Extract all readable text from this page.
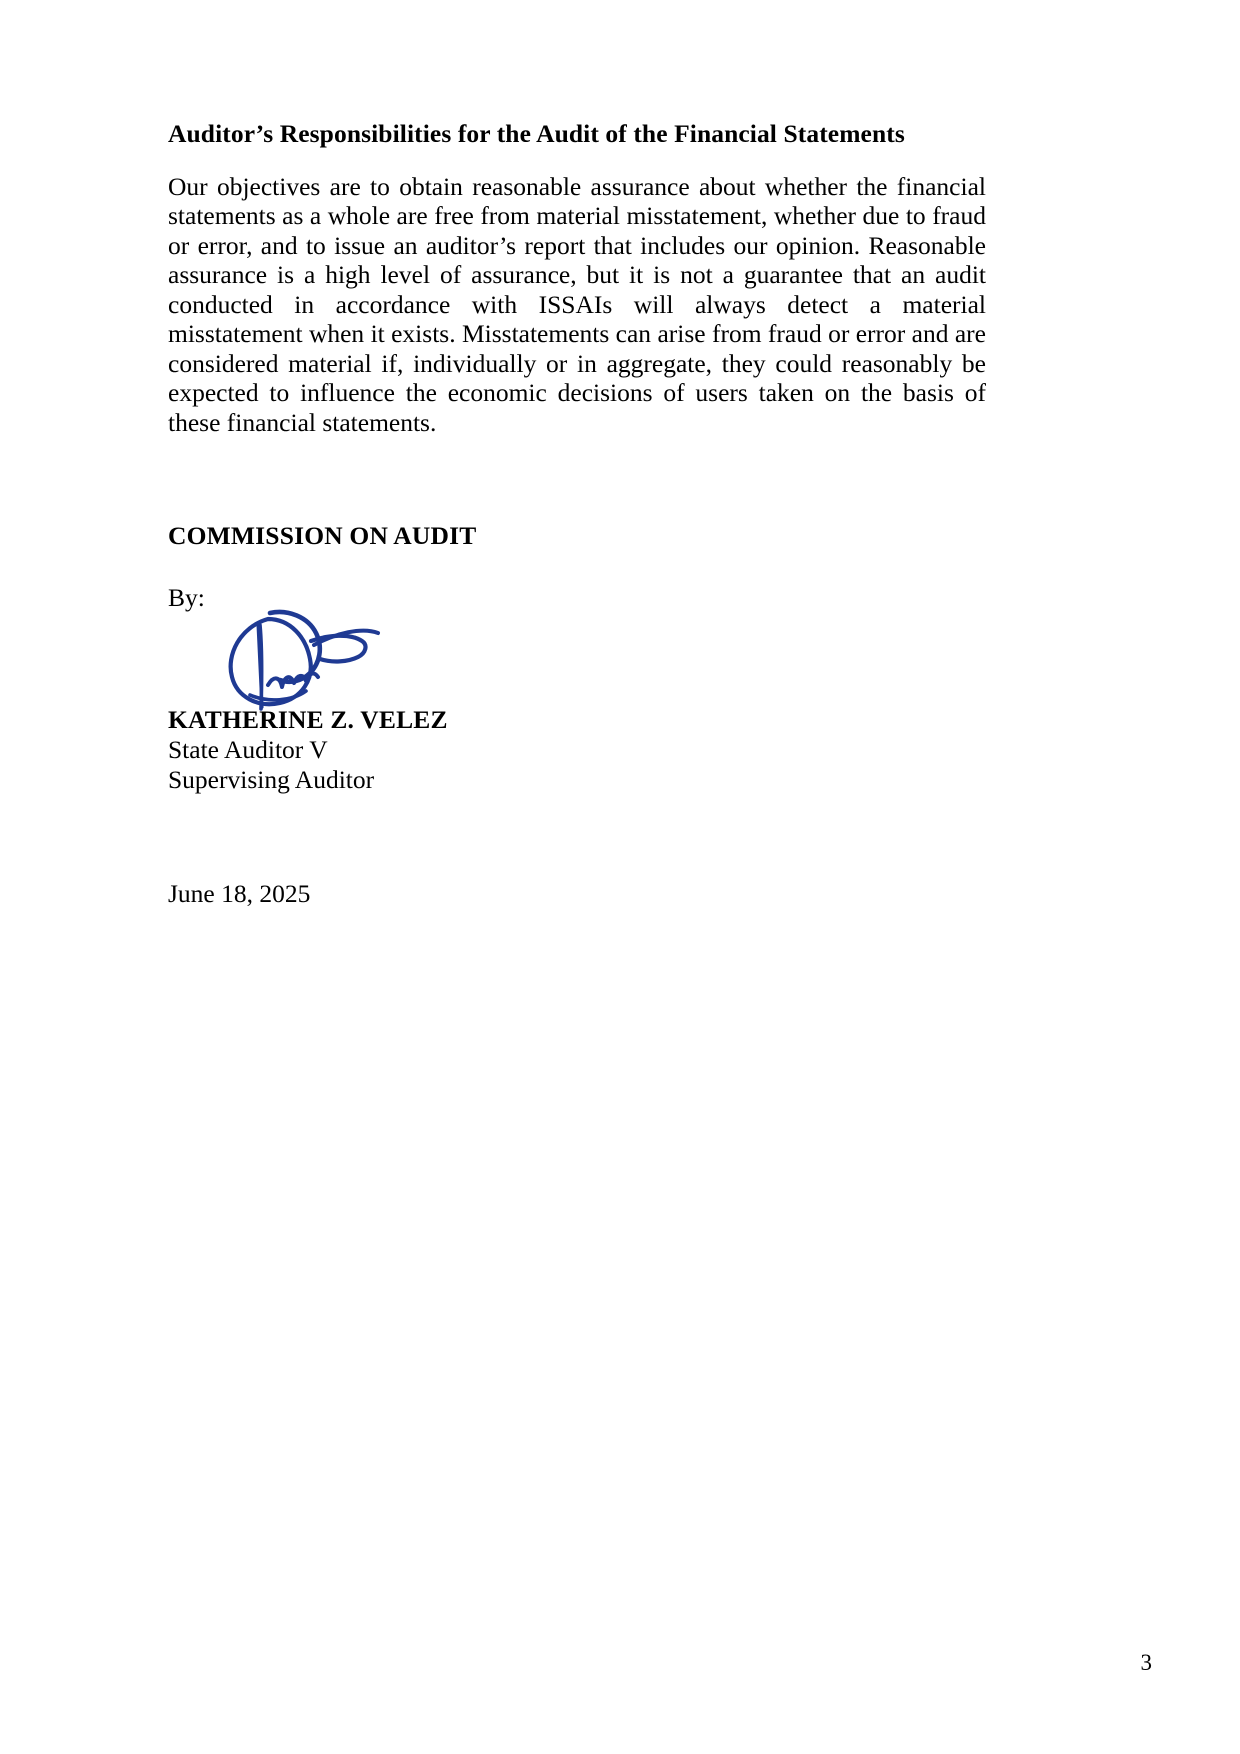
Auditor’s Responsibilities for the Audit of the Financial Statements

Our objectives are to obtain reasonable assurance about whether the financial statements as a whole are free from material misstatement, whether due to fraud or error, and to issue an auditor’s report that includes our opinion. Reasonable assurance is a high level of assurance, but it is not a guarantee that an audit conducted in accordance with ISSAIs will always detect a material misstatement when it exists. Misstatements can arise from fraud or error and are considered material if, individually or in aggregate, they could reasonably be expected to influence the economic decisions of users taken on the basis of these financial statements.

COMMISSION ON AUDIT

By:

KATHERINE Z. VELEZ

State Auditor V

Supervising Auditor

June 18, 2025

3
